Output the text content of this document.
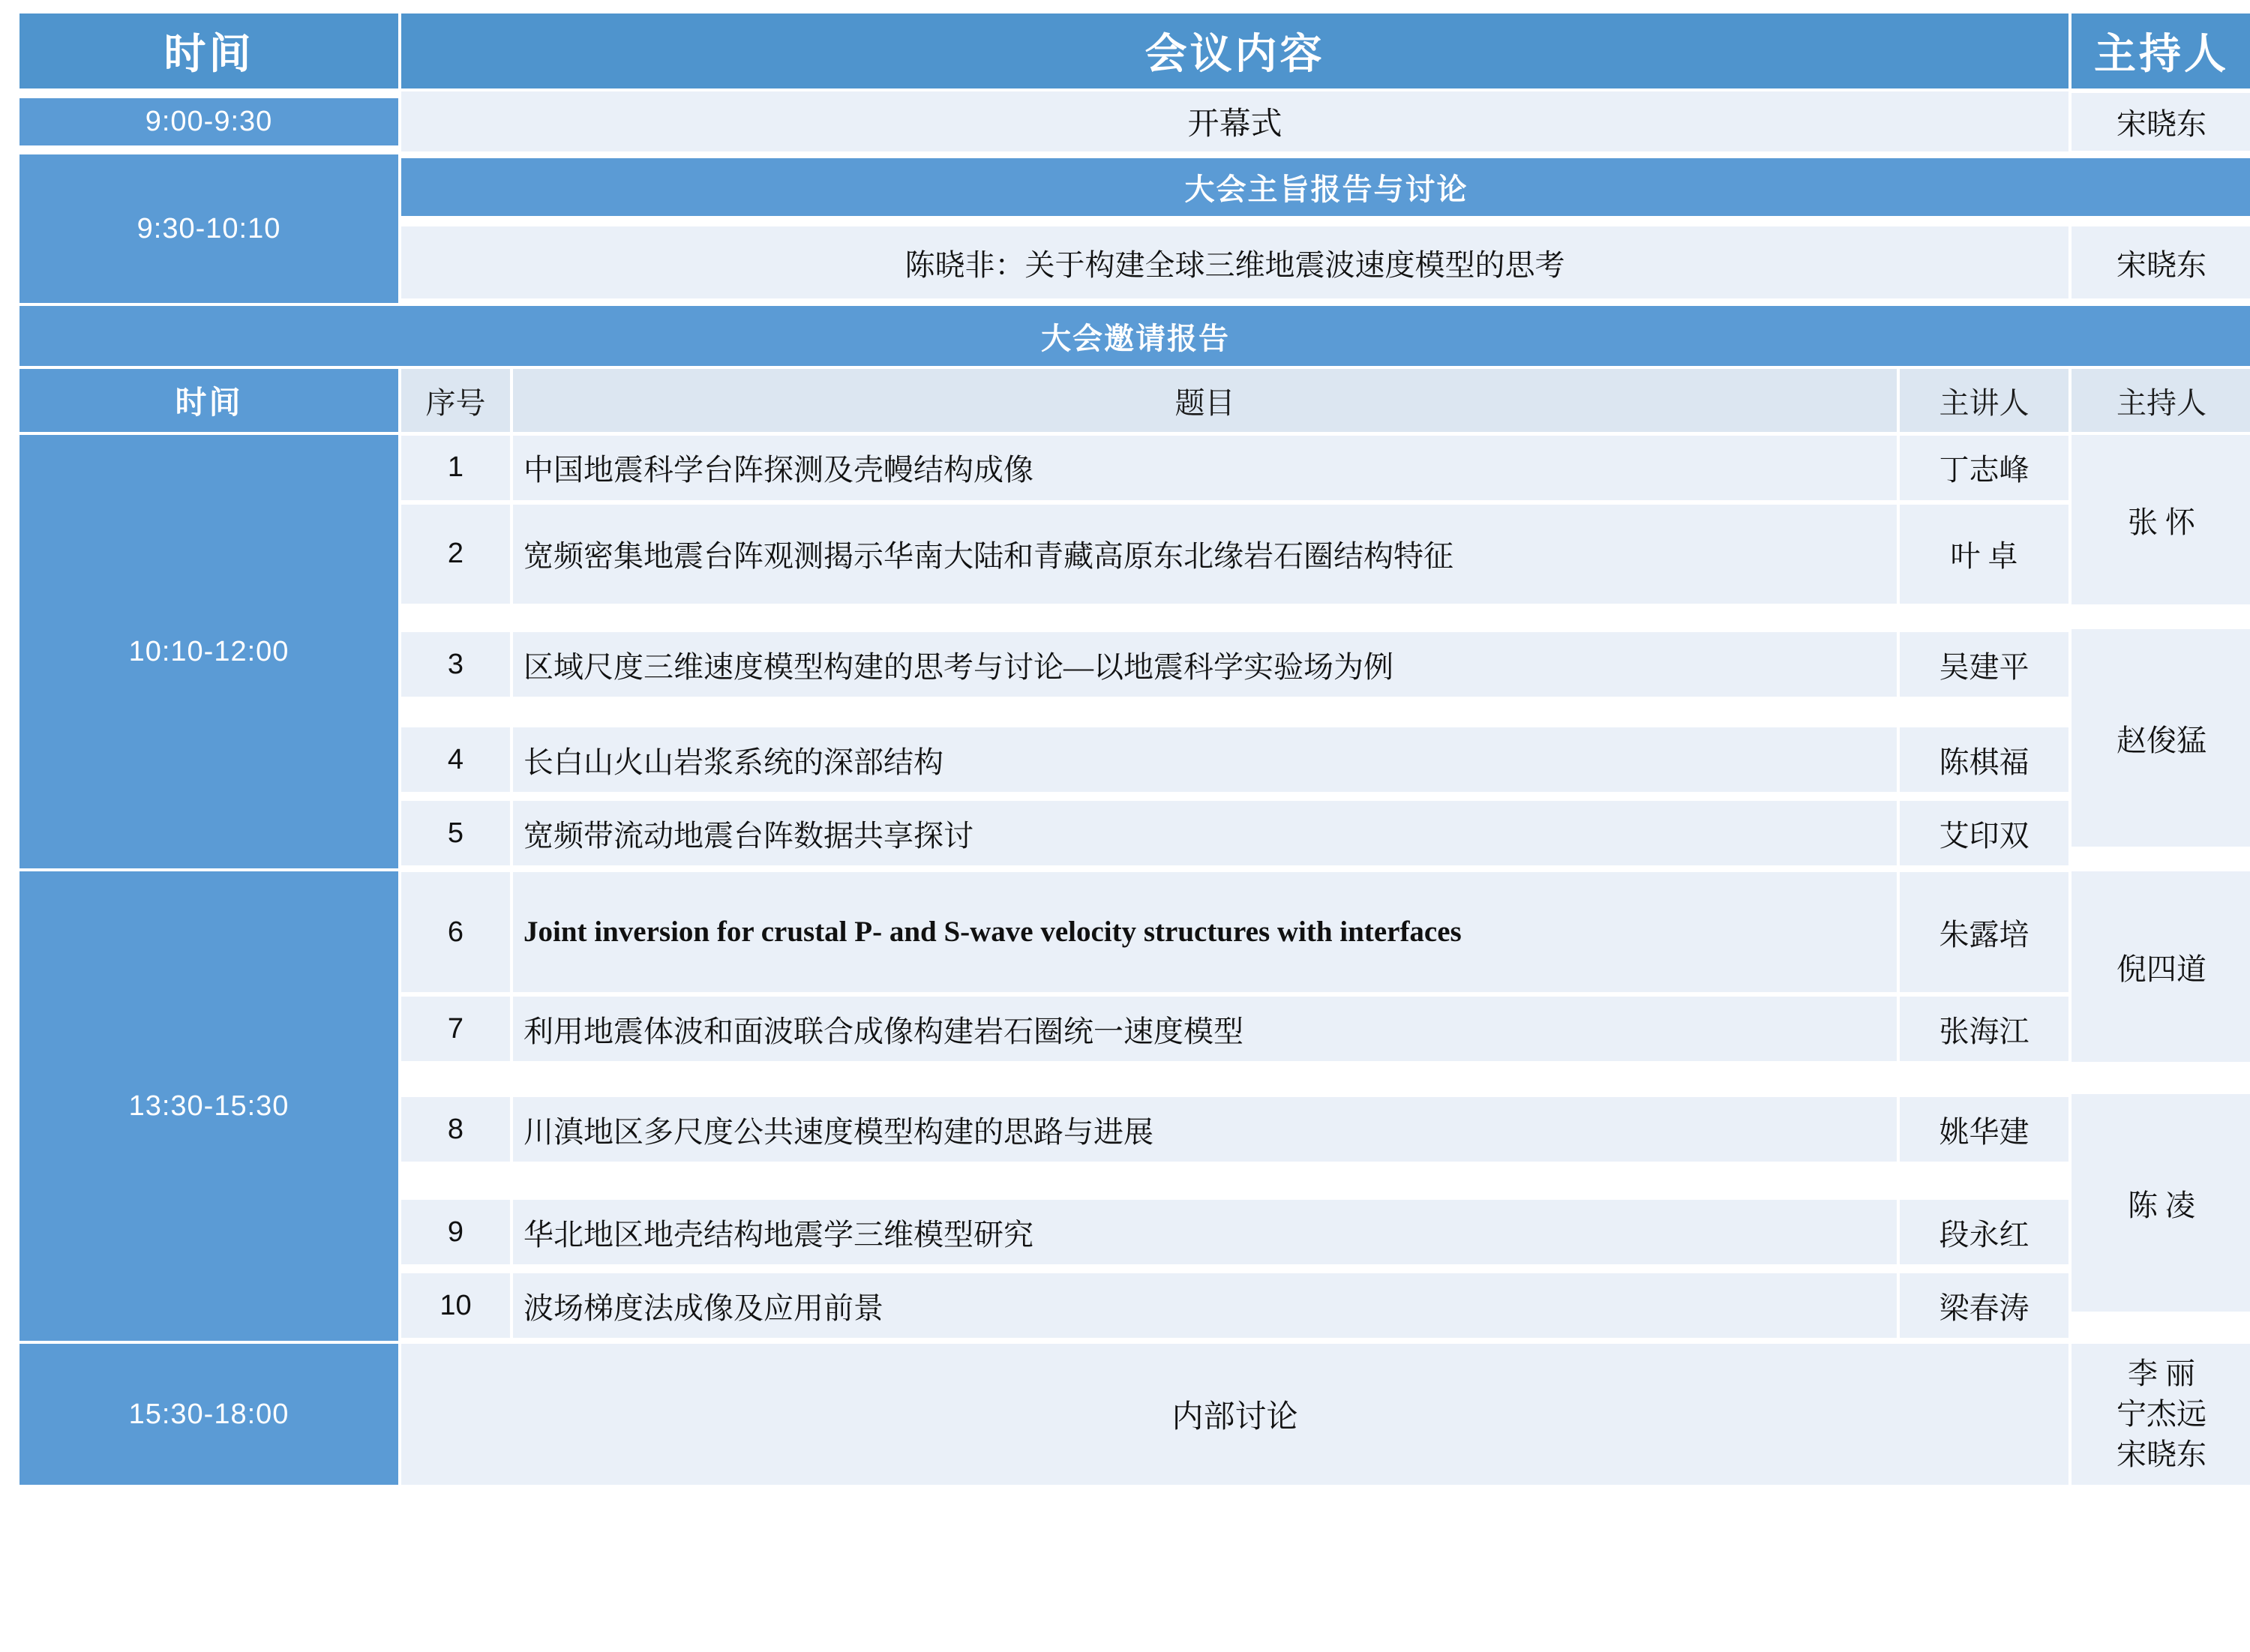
时间	会议内容			主持人

9:00-9:30	开幕式			宋晓东

9:30-10:10	大会主旨报告与讨论			

陈晓非：关于构建全球三维地震波速度模型的思考			宋晓东

大会邀请报告				

时间	序号	题目	主讲人	主持人

10:10-12:00	1	中国地震科学台阵探测及壳幔结构成像	丁志峰	张 怀

2	宽频密集地震台阵观测揭示华南大陆和青藏高原东北缘岩石圈结构特征	叶 卓	

3	区域尺度三维速度模型构建的思考与讨论—以地震科学实验场为例	吴建平	赵俊猛

4	长白山火山岩浆系统的深部结构	陈棋福	

5	宽频带流动地震台阵数据共享探讨	艾印双	

13:30-15:30	6	Joint inversion for crustal P- and S-wave velocity structures with interfaces	朱露培	倪四道

7	利用地震体波和面波联合成像构建岩石圈统一速度模型	张海江	

8	川滇地区多尺度公共速度模型构建的思路与进展	姚华建	陈 凌

9	华北地区地壳结构地震学三维模型研究	段永红	

10	波场梯度法成像及应用前景	梁春涛	

15:30-18:00	内部讨论			李 丽
宁杰远
宋晓东
